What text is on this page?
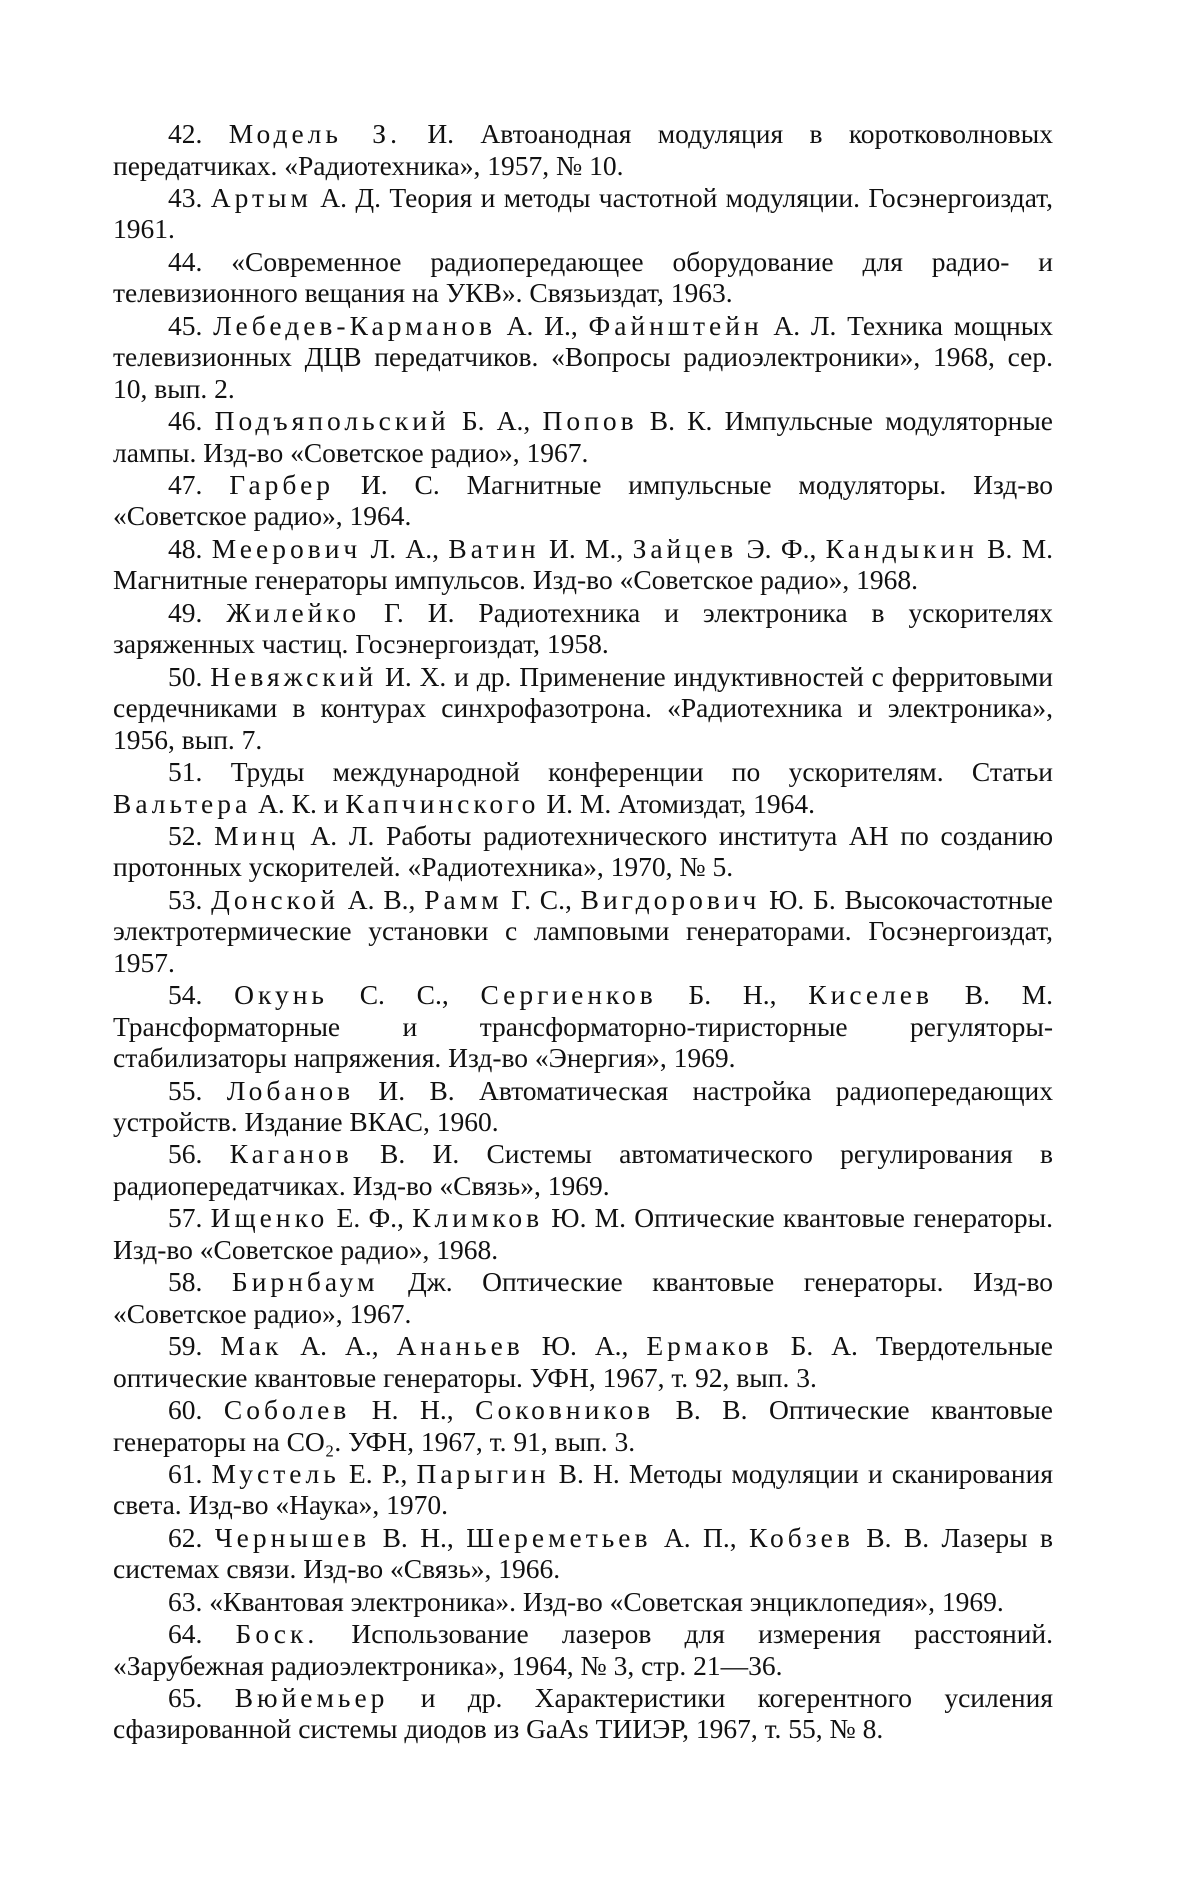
42. Модель З. И. Автоанодная модуляция в коротковолновых передатчиках. «Радиотехника», 1957, № 10.

43. Артым А. Д. Теория и методы частотной модуляции. Госэнергоиздат, 1961.

44. «Современное радиопередающее оборудование для радио- и телевизионного вещания на УКВ». Связьиздат, 1963.

45. Лебедев-Карманов А. И., Файнштейн А. Л. Техника мощных телевизионных ДЦВ передатчиков. «Вопросы радиоэлектроники», 1968, сер. 10, вып. 2.

46. Подъяпольский Б. А., Попов В. К. Импульсные модуляторные лампы. Изд-во «Советское радио», 1967.

47. Гарбер И. С. Магнитные импульсные модуляторы. Изд-во «Советское радио», 1964.

48. Меерович Л. А., Ватин И. М., Зайцев Э. Ф., Кандыкин В. М. Магнитные генераторы импульсов. Изд-во «Советское радио», 1968.

49. Жилейко Г. И. Радиотехника и электроника в ускорителях заряженных частиц. Госэнергоиздат, 1958.

50. Невяжский И. Х. и др. Применение индуктивностей с ферритовыми сердечниками в контурах синхрофазотрона. «Радиотехника и электроника», 1956, вып. 7.

51. Труды международной конференции по ускорителям. Статьи Вальтера А. К. и Капчинского И. М. Атомиздат, 1964.

52. Минц А. Л. Работы радиотехнического института АН по созданию протонных ускорителей. «Радиотехника», 1970, № 5.

53. Донской А. В., Рамм Г. С., Вигдорович Ю. Б. Высокочастотные электротермические установки с ламповыми генераторами. Госэнергоиздат, 1957.

54. Окунь С. С., Сергиенков Б. Н., Киселев В. М. Трансформаторные и трансформаторно-тиристорные регуляторы-стабилизаторы напряжения. Изд-во «Энергия», 1969.

55. Лобанов И. В. Автоматическая настройка радиопередающих устройств. Издание ВКАС, 1960.

56. Каганов В. И. Системы автоматического регулирования в радиопередатчиках. Изд-во «Связь», 1969.

57. Ищенко Е. Ф., Климков Ю. М. Оптические квантовые генераторы. Изд-во «Советское радио», 1968.

58. Бирнбаум Дж. Оптические квантовые генераторы. Изд-во «Советское радио», 1967.

59. Мак А. А., Ананьев Ю. А., Ермаков Б. А. Твердотельные оптические квантовые генераторы. УФН, 1967, т. 92, вып. 3.

60. Соболев Н. Н., Соковников В. В. Оптические квантовые генераторы на CO₂. УФН, 1967, т. 91, вып. 3.

61. Мустель Е. Р., Парыгин В. Н. Методы модуляции и сканирования света. Изд-во «Наука», 1970.

62. Чернышев В. Н., Шереметьев А. П., Кобзев В. В. Лазеры в системах связи. Изд-во «Связь», 1966.

63. «Квантовая электроника». Изд-во «Советская энциклопедия», 1969.

64. Боск. Использование лазеров для измерения расстояний. «Зарубежная радиоэлектроника», 1964, № 3, стр. 21—36.

65. Вюйемьер и др. Характеристики когерентного усиления сфазированной системы диодов из GaAs ТИИЭР, 1967, т. 55, № 8.
